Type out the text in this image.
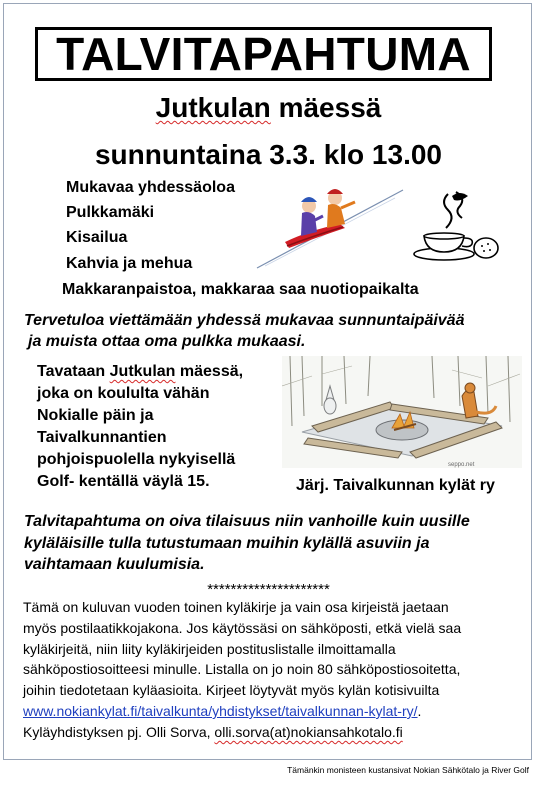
TALVITAPAHTUMA
Jutkulan mäessä
sunnuntaina 3.3. klo 13.00
Mukavaa yhdessäoloa
Pulkkamäki
Kisailua
Kahvia ja mehua
Makkaranpaistoa, makkaraa saa nuotiopaikalta
Tervetuloa viettämään yhdessä mukavaa sunnuntaipäivää
ja muista ottaa oma pulkka mukaasi.
Tavataan Jutkulan mäessä,
joka on koululta vähän
Nokialle päin ja
Taivalkunnantien
pohjoispuolella nykyisellä
Golf- kentällä väylä 15.
seppo.net
Järj. Taivalkunnan kylät ry
Talvitapahtuma on oiva tilaisuus niin vanhoille kuin uusille
kyläläisille tulla tutustumaan muihin kylällä asuviin ja
vaihtamaan kuulumisia.
*********************
Tämä on kuluvan vuoden toinen kyläkirje ja vain osa kirjeistä jaetaan
myös postilaatikkojakona. Jos käytössäsi on sähköposti, etkä vielä saa
kyläkirjeitä, niin liity kyläkirjeiden postituslistalle ilmoittamalla
sähköpostiosoitteesi minulle. Listalla on jo noin 80 sähköpostiosoitetta,
joihin tiedotetaan kyläasioita. Kirjeet löytyvät myös kylän kotisivuilta
www.nokiankylat.fi/taivalkunta/yhdistykset/taivalkunnan-kylat-ry/.
Kyläyhdistyksen pj. Olli Sorva, olli.sorva(at)nokiansahkotalo.fi
Tämänkin monisteen kustansivat Nokian Sähkötalo ja River Golf
